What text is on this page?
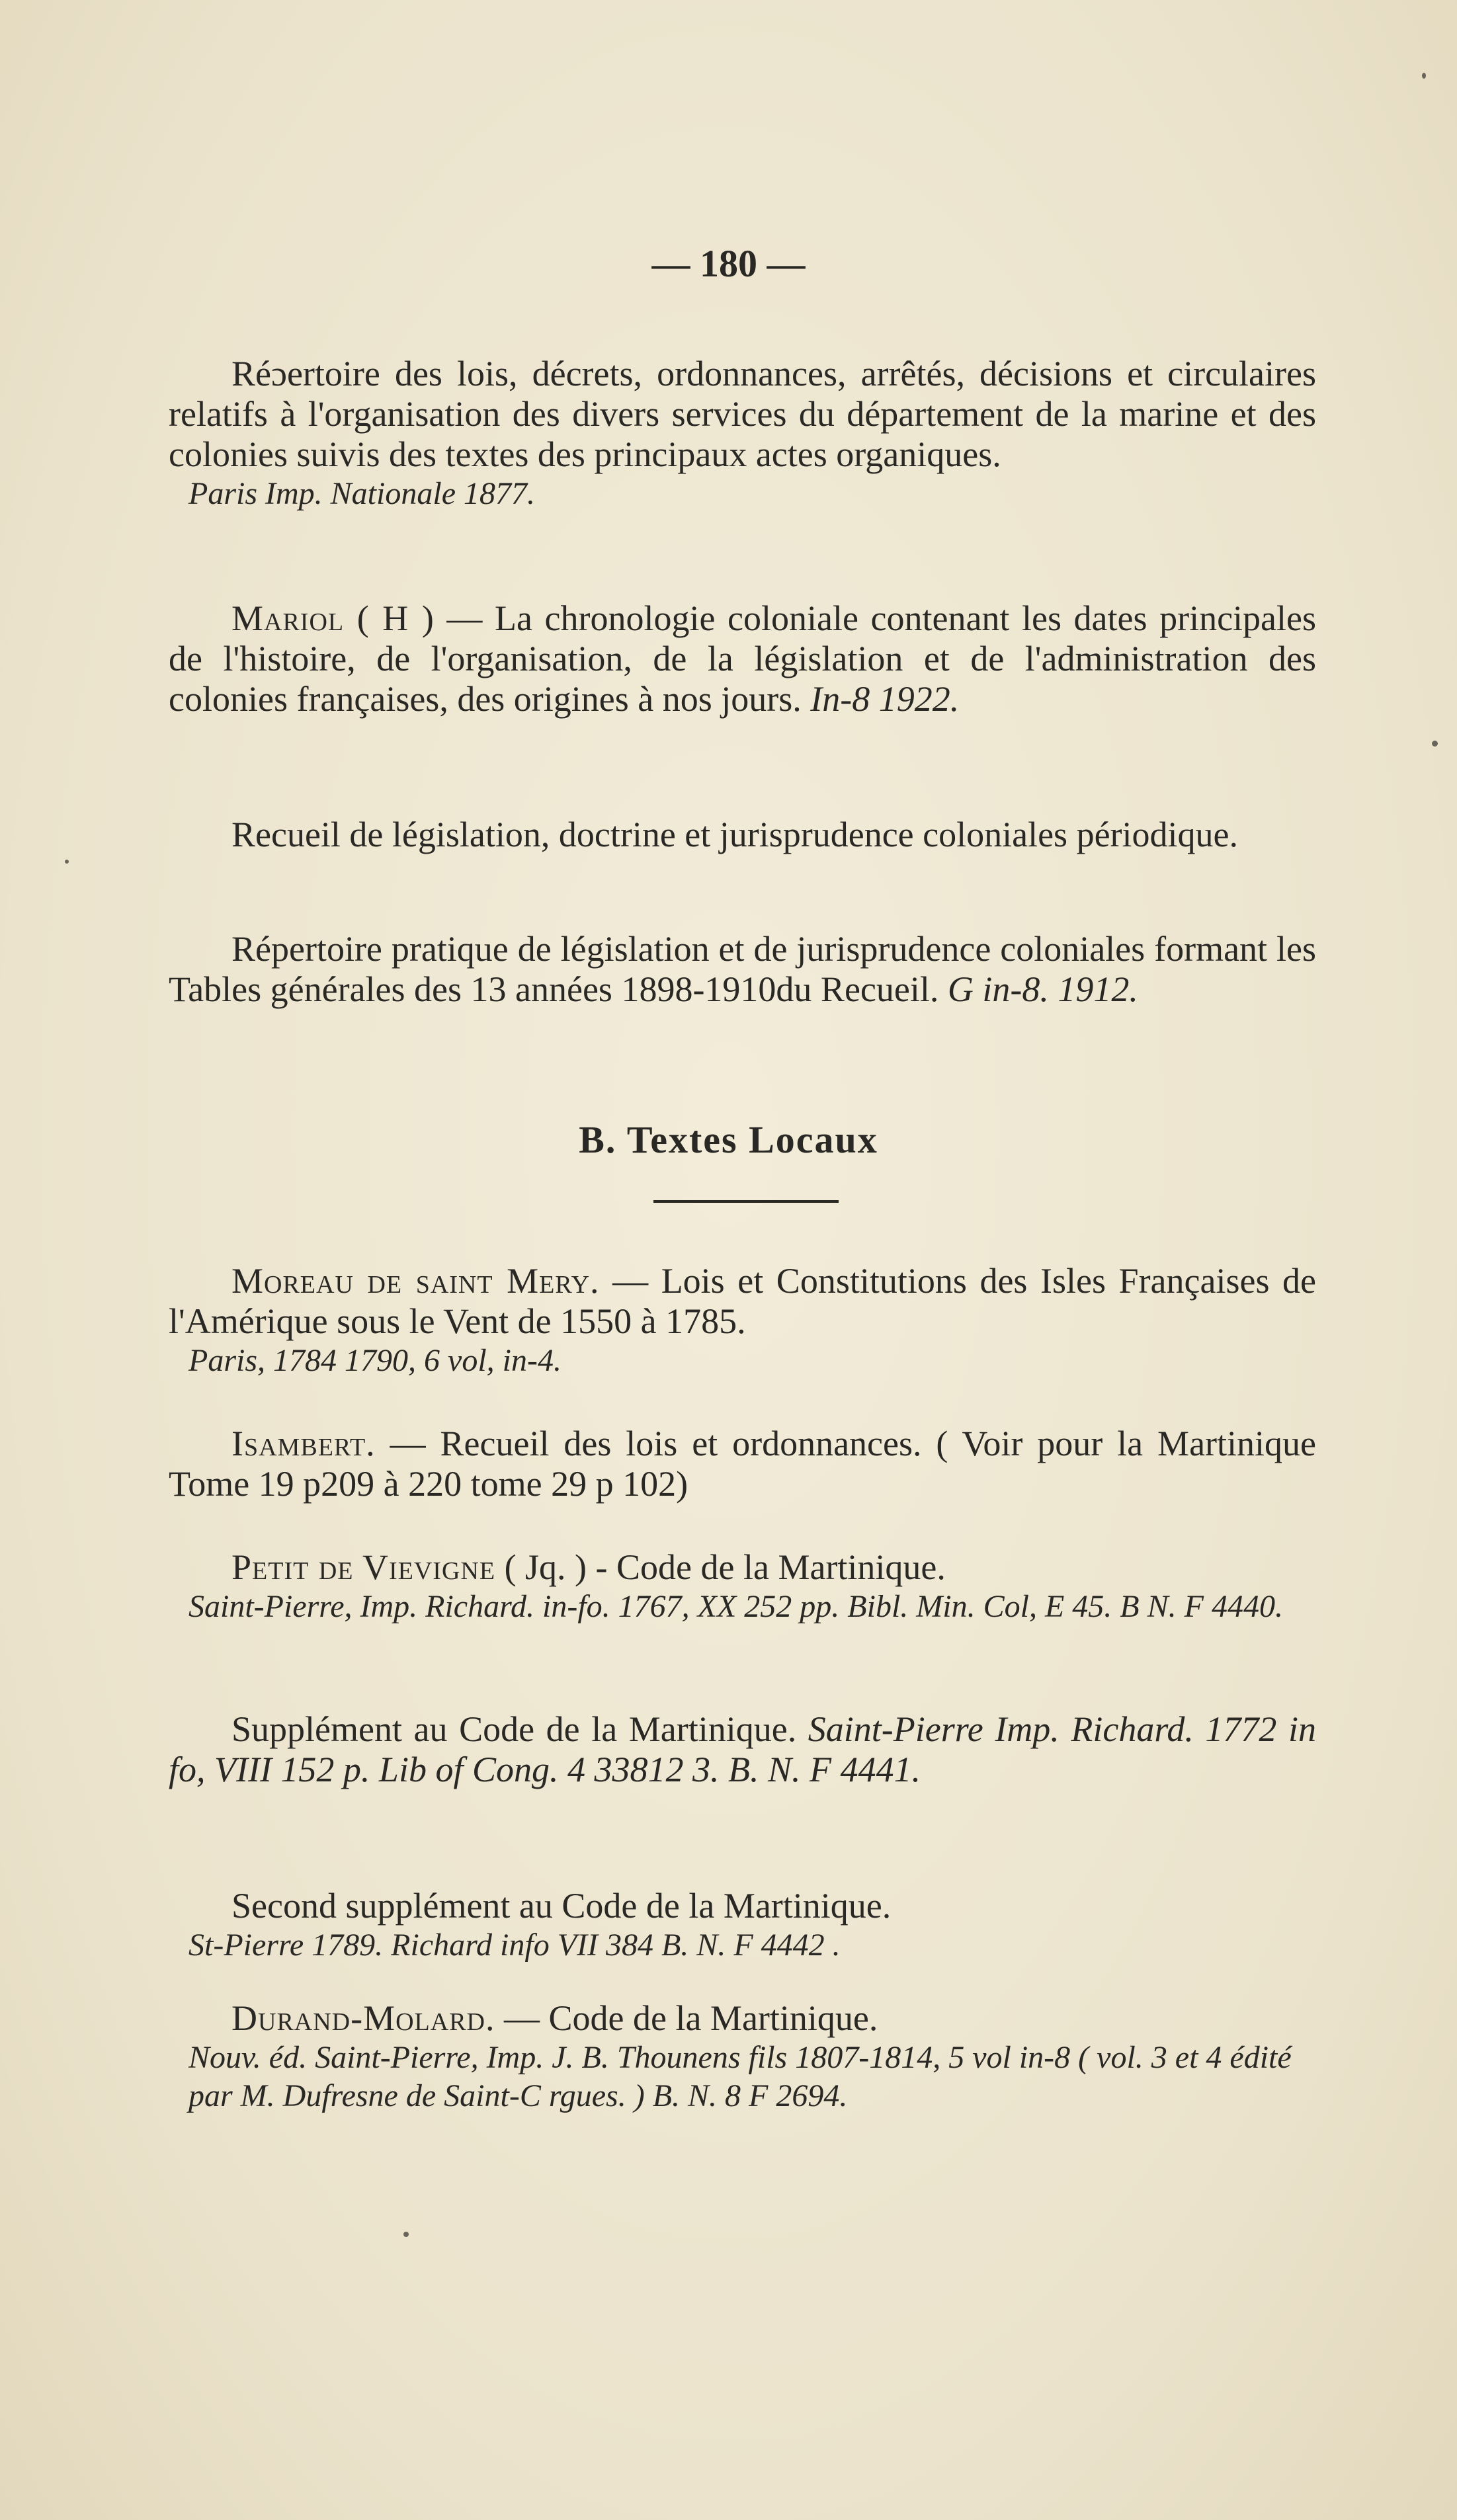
— 180 —

Réɔertoire des lois, décrets, ordonnances, arrêtés, décisions et circulaires relatifs à l'organisation des divers services du département de la marine et des colonies suivis des textes des principaux actes organiques.

Paris Imp. Nationale 1877.

Mariol ( H ) — La chronologie coloniale contenant les dates principales de l'histoire, de l'organisation, de la législation et de l'administration des colonies françaises, des origines à nos jours. In-8 1922.

Recueil de législation, doctrine et jurisprudence coloniales périodique.

Répertoire pratique de législation et de jurisprudence coloniales formant les Tables générales des 13 années 1898-1910du Recueil. G in-8. 1912.

B. Textes Locaux

Moreau de saint Mery. — Lois et Constitutions des Isles Françaises de l'Amérique sous le Vent de 1550 à 1785.

Paris, 1784 1790, 6 vol, in-4.

Isambert. — Recueil des lois et ordonnances. ( Voir pour la Martinique Tome 19 p209 à 220 tome 29 p 102)

Petit de Vievigne ( Jq. ) - Code de la Martinique.

Saint-Pierre, Imp. Richard. in-fo. 1767, XX 252 pp. Bibl. Min. Col, E 45. B N. F 4440.

Supplément au Code de la Martinique. Saint-Pierre Imp. Richard. 1772 in fo, VIII 152 p. Lib of Cong. 4 33812 3. B. N. F 4441.

Second supplément au Code de la Martinique.

St-Pierre 1789. Richard info VII 384 B. N. F 4442 .

Durand-Molard. — Code de la Martinique.

Nouv. éd. Saint-Pierre, Imp. J. B. Thounens fils 1807-1814, 5 vol in-8 ( vol. 3 et 4 édité par M. Dufresne de Saint-C rgues. ) B. N. 8 F 2694.
